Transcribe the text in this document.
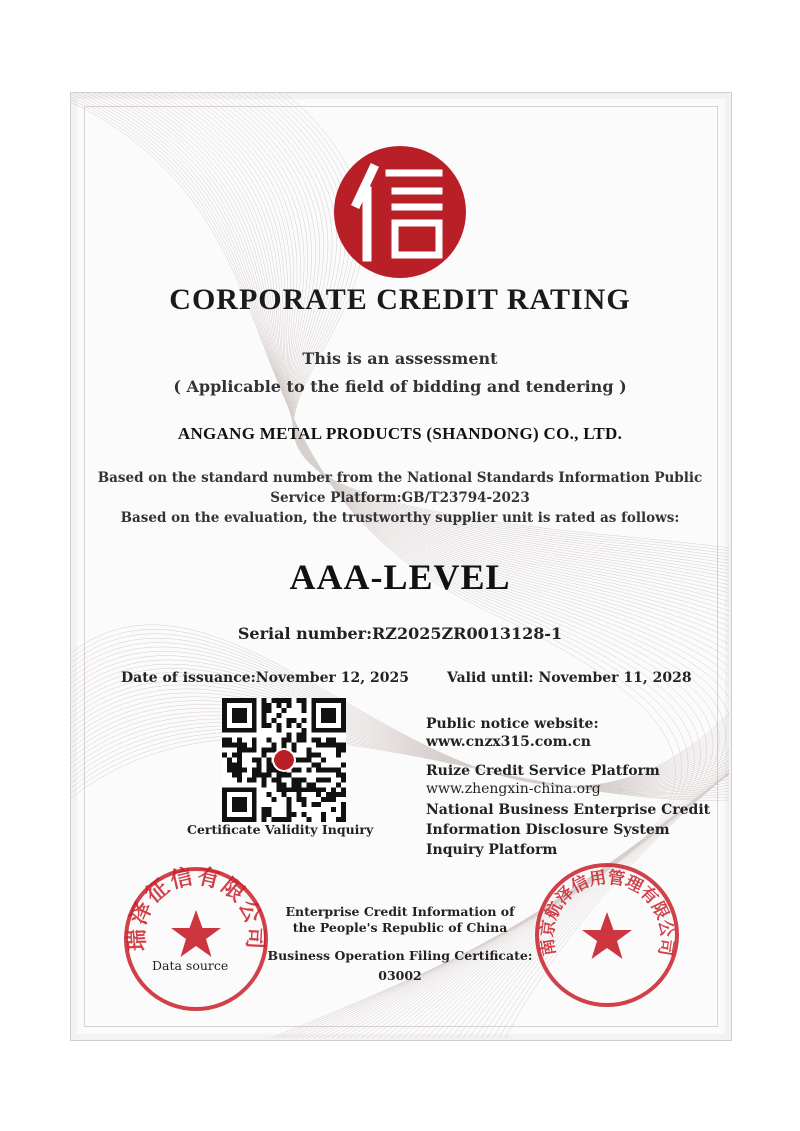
CORPORATE CREDIT RATING
This is an assessment
( Applicable to the field of bidding and tendering )
ANGANG METAL PRODUCTS (SHANDONG) CO., LTD.
Based on the standard number from the National Standards Information Public
Service Platform:GB/T23794-2023
Based on the evaluation, the trustworthy supplier unit is rated as follows:
AAA-LEVEL
Serial number:RZ2025ZR0013128-1
Date of issuance:November 12, 2025	Valid until: November 11, 2028
Certificate Validity Inquiry
Public notice website:
www.cnzx315.com.cn
Ruize Credit Service Platform
www.zhengxin-china.org
National Business Enterprise Credit
Information Disclosure System
Inquiry Platform
瑞泽征信有限公司
Data source
南京航泽信用管理有限公司
Enterprise Credit Information of
the People's Republic of China
Business Operation Filing Certificate:
03002
